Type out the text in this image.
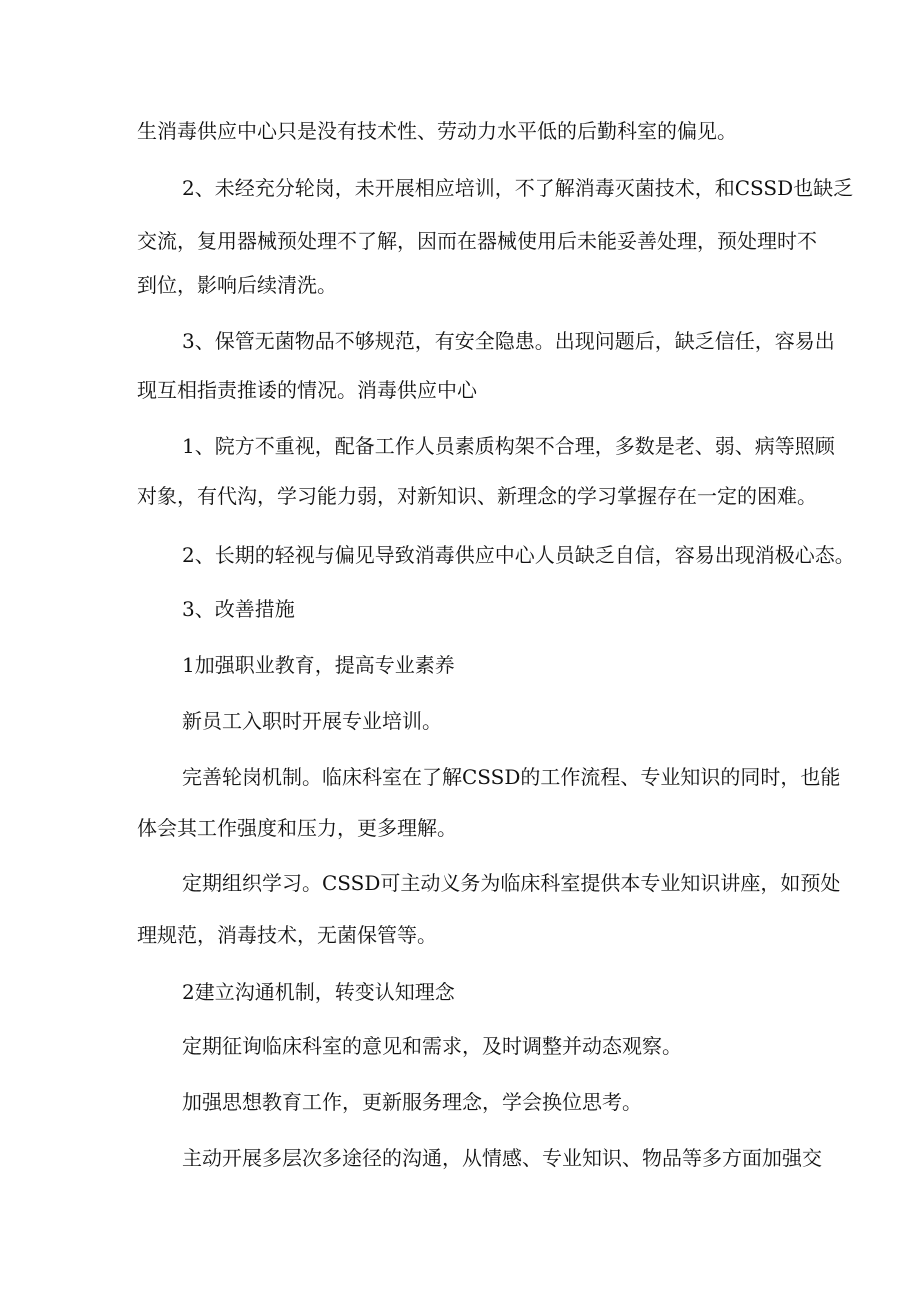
生消毒供应中心只是没有技术性、劳动力水平低的后勤科室的偏见。
2、未经充分轮岗，未开展相应培训，不了解消毒灭菌技术，和CSSD也缺乏
交流，复用器械预处理不了解，因而在器械使用后未能妥善处理，预处理时不
到位，影响后续清洗。
3、保管无菌物品不够规范，有安全隐患。出现问题后，缺乏信任，容易出
现互相指责推诿的情况。消毒供应中心
1、院方不重视，配备工作人员素质构架不合理，多数是老、弱、病等照顾
对象，有代沟，学习能力弱，对新知识、新理念的学习掌握存在一定的困难。
2、长期的轻视与偏见导致消毒供应中心人员缺乏自信，容易出现消极心态。
3、改善措施
1加强职业教育，提高专业素养
新员工入职时开展专业培训。
完善轮岗机制。临床科室在了解CSSD的工作流程、专业知识的同时，也能
体会其工作强度和压力，更多理解。
定期组织学习。CSSD可主动义务为临床科室提供本专业知识讲座，如预处
理规范，消毒技术，无菌保管等。
2建立沟通机制，转变认知理念
定期征询临床科室的意见和需求，及时调整并动态观察。
加强思想教育工作，更新服务理念，学会换位思考。
主动开展多层次多途径的沟通，从情感、专业知识、物品等多方面加强交
